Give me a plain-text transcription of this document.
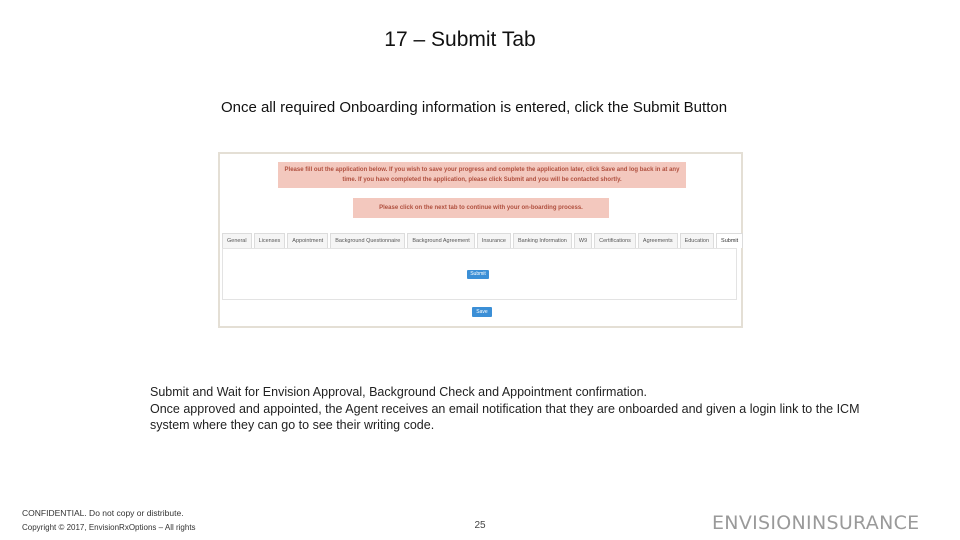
17 – Submit Tab
Once all required Onboarding information is entered, click the Submit Button
Please fill out the application below. If you wish to save your progress and complete the application later, click Save and log back in at any time. If you have completed the application, please click Submit and you will be contacted shortly.
Please click on the next tab to continue with your on-boarding process.
General	Licenses	Appointment	Background Questionnaire	Background Agreement	Insurance	Banking Information	W9	Certifications	Agreements	Education	Submit
Submit
Save

Submit and Wait for Envision Approval, Background Check and Appointment confirmation.

Once approved and appointed, the Agent receives an email notification that they are onboarded and given a login link to the ICM system where they can go to see their writing code.

CONFIDENTIAL. Do not copy or distribute.
Copyright © 2017, EnvisionRxOptions – All rights	25	ENVISIONINSURANCE
